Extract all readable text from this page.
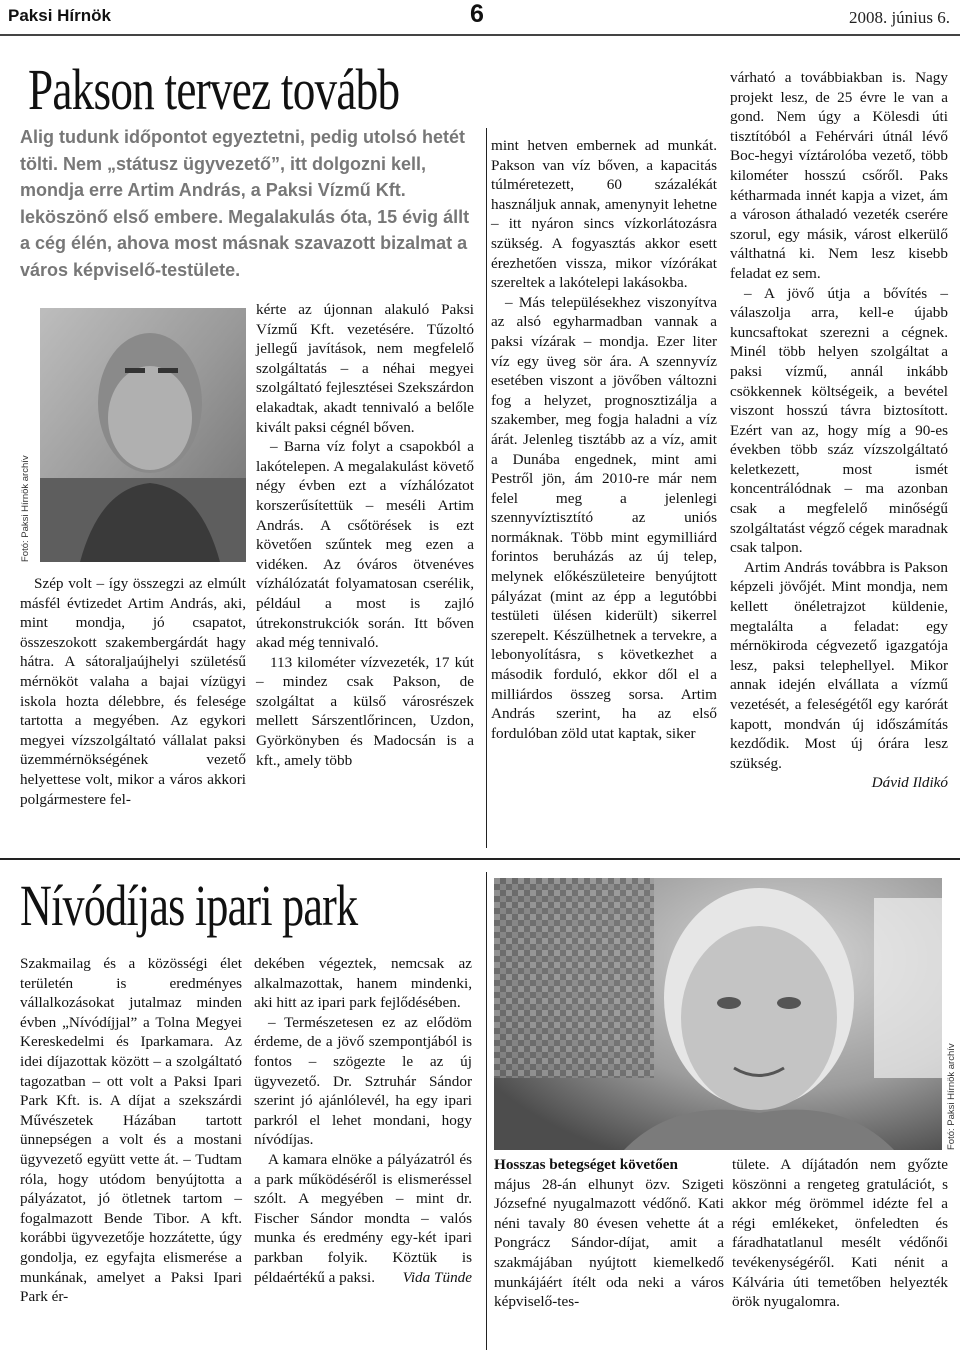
Paksi Hírnök	6	2008. június 6.
Pakson tervez tovább
Alig tudunk időpontot egyeztetni, pedig utolsó hetét tölti. Nem „státusz ügyvezető”, itt dolgozni kell, mondja erre Artim András, a Paksi Vízmű Kft. leköszönő első embere. Megalakulás óta, 15 évig állt a cég élén, ahova most másnak szavazott bizalmat a város képviselő-testülete.
Fotó: Paksi Hírnök archív

Szép volt – így összegzi az elmúlt másfél évtizedet Artim András, aki, mint mondja, jó csapatot, összeszokott szakembergárdát hagy hátra. A sátoraljaújhelyi születésű mérnököt valaha a bajai vízügyi iskola hozta délebbre, és felesége tartotta a megyében. Az egykori megyei vízszolgáltató vállalat paksi üzemmérnökségének vezető helyettese volt, mikor a város akkori polgármestere fel-

kérte az újonnan alakuló Paksi Vízmű Kft. vezetésére. Tűzoltó jellegű javítások, nem megfelelő szolgáltatás – a néhai megyei szolgáltató fejlesztései Szekszárdon elakadtak, akadt tennivaló a belőle kivált paksi cégnél bőven.

– Barna víz folyt a csapokból a lakótelepen. A megalakulást követő négy évben ezt a vízhálózatot korszerűsítettük – meséli Artim András. A csőtörések is ezt követően szűntek meg ezen a vidéken. Az óváros ötvenéves vízhálózatát folyamatosan cserélik, például a most is zajló útrekonstrukciók során. Itt bőven akad még tennivaló.

113 kilométer vízvezeték, 17 kút – mindez csak Pakson, de szolgáltat a külső városrészek mellett Sárszentlőrincen, Uzdon, Györkönyben és Madocsán is a kft., amely több

mint hetven embernek ad munkát. Pakson van víz bőven, a kapacitás túlméretezett, 60 százalékát használjuk annak, amenynyit lehetne – itt nyáron sincs vízkorlátozásra szükség. A fogyasztás akkor esett érezhetően vissza, mikor vízórákat szereltek a lakótelepi lakásokba.

– Más településekhez viszonyítva az alsó egyharmadban vannak a paksi vízárak – mondja. Ezer liter víz egy üveg sör ára. A szennyvíz esetében viszont a jövőben változni fog a helyzet, prognosztizálja a szakember, meg fogja haladni a víz árát. Jelenleg tisztább az a víz, amit a Dunába engednek, mint ami Pestről jön, ám 2010-re már nem felel meg a jelenlegi szennyvíztisztító az uniós normáknak. Több mint egymilliárd forintos beruházás az új telep, melynek előkészületeire benyújtott pályázat (mint az épp a legutóbbi testületi ülésen kiderült) sikerrel szerepelt. Készülhetnek a tervekre, a lebonyolításra, s következhet a második forduló, ekkor dől el a milliárdos összeg sorsa. Artim András szerint, ha az első fordulóban zöld utat kaptak, siker

várható a továbbiakban is. Nagy projekt lesz, de 25 évre le van a gond. Nem úgy a Kölesdi úti tisztítóból a Fehérvári útnál lévő Boc-hegyi víztárolóba vezető, több kilométer hosszú csőről. Paks kétharmada innét kapja a vizet, ám a városon áthaladó vezeték cserére szorul, egy másik, várost elkerülő válthatná ki. Nem lesz kisebb feladat ez sem.

– A jövő útja a bővítés – válaszolja arra, kell-e újabb kuncsaftokat szerezni a cégnek. Minél több helyen szolgáltat a paksi vízmű, annál inkább csökkennek költségeik, a bevétel viszont hosszú távra biztosított. Ezért van az, hogy míg a 90-es években több száz vízszolgáltató keletkezett, most ismét koncentrálódnak – ma azonban csak a megfelelő minőségű szolgáltatást végző cégek maradnak csak talpon.

Artim András továbbra is Pakson képzeli jövőjét. Mint mondja, nem kellett önéletrajzot küldenie, megtalálta a feladat: egy mérnökiroda cégvezető igazgatója lesz, paksi telephellyel. Mikor annak idején elvállata a vízmű vezetését, a feleségétől egy karórát kapott, mondván új időszámítás kezdődik. Most új órára lesz szükség.

Dávid Ildikó

Nívódíjas ipari park

Szakmailag és a közösségi élet területén is eredményes vállalkozásokat jutalmaz minden évben „Nívódíjjal” a Tolna Megyei Kereskedelmi és Iparkamara. Az idei díjazottak között – a szolgáltató tagozatban – ott volt a Paksi Ipari Park Kft. is. A díjat a szekszárdi Művészetek Házában tartott ünnepségen a volt és a mostani ügyvezető együtt vette át. – Tudtam róla, hogy utódom benyújtotta a pályázatot, jó ötletnek tartom – fogalmazott Bende Tibor. A kft. korábbi ügyvezetője hozzátette, úgy gondolja, ez egyfajta elismerése a munkának, amelyet a Paksi Ipari Park ér-

dekében végeztek, nemcsak az alkalmazottak, hanem mindenki, aki hitt az ipari park fejlődésében.

– Természetesen ez az elődöm érdeme, de a jövő szempontjából is fontos – szögezte le az új ügyvezető. Dr. Sztruhár Sándor szerint jó ajánlólevél, ha egy ipari parkról el lehet mondani, hogy nívódíjas.

A kamara elnöke a pályázatról és a park működéséről is elismeréssel szólt. A megyében – mint dr. Fischer Sándor mondta – valós munka és eredmény egy-két ipari parkban folyik. Köztük is példaértékű a paksi.	Vida Tünde

Fotó: Paksi Hírnök archív

Hosszas betegséget követően

május 28-án elhunyt özv. Szigeti Józsefné nyugalmazott védőnő. Kati néni tavaly 80 évesen vehette át a Pongrácz Sándor-díjat, amit a szakmájában nyújtott kiemelkedő munkájáért ítélt oda neki a város képviselő-tes-

tülete. A díjátadón nem győzte köszönni a rengeteg gratulációt, s akkor még örömmel idézte fel a régi emlékeket, önfeledten és fáradhatatlanul mesélt védőnői tevékenységéről. Kati nénit a Kálvária úti temetőben helyezték örök nyugalomra.
